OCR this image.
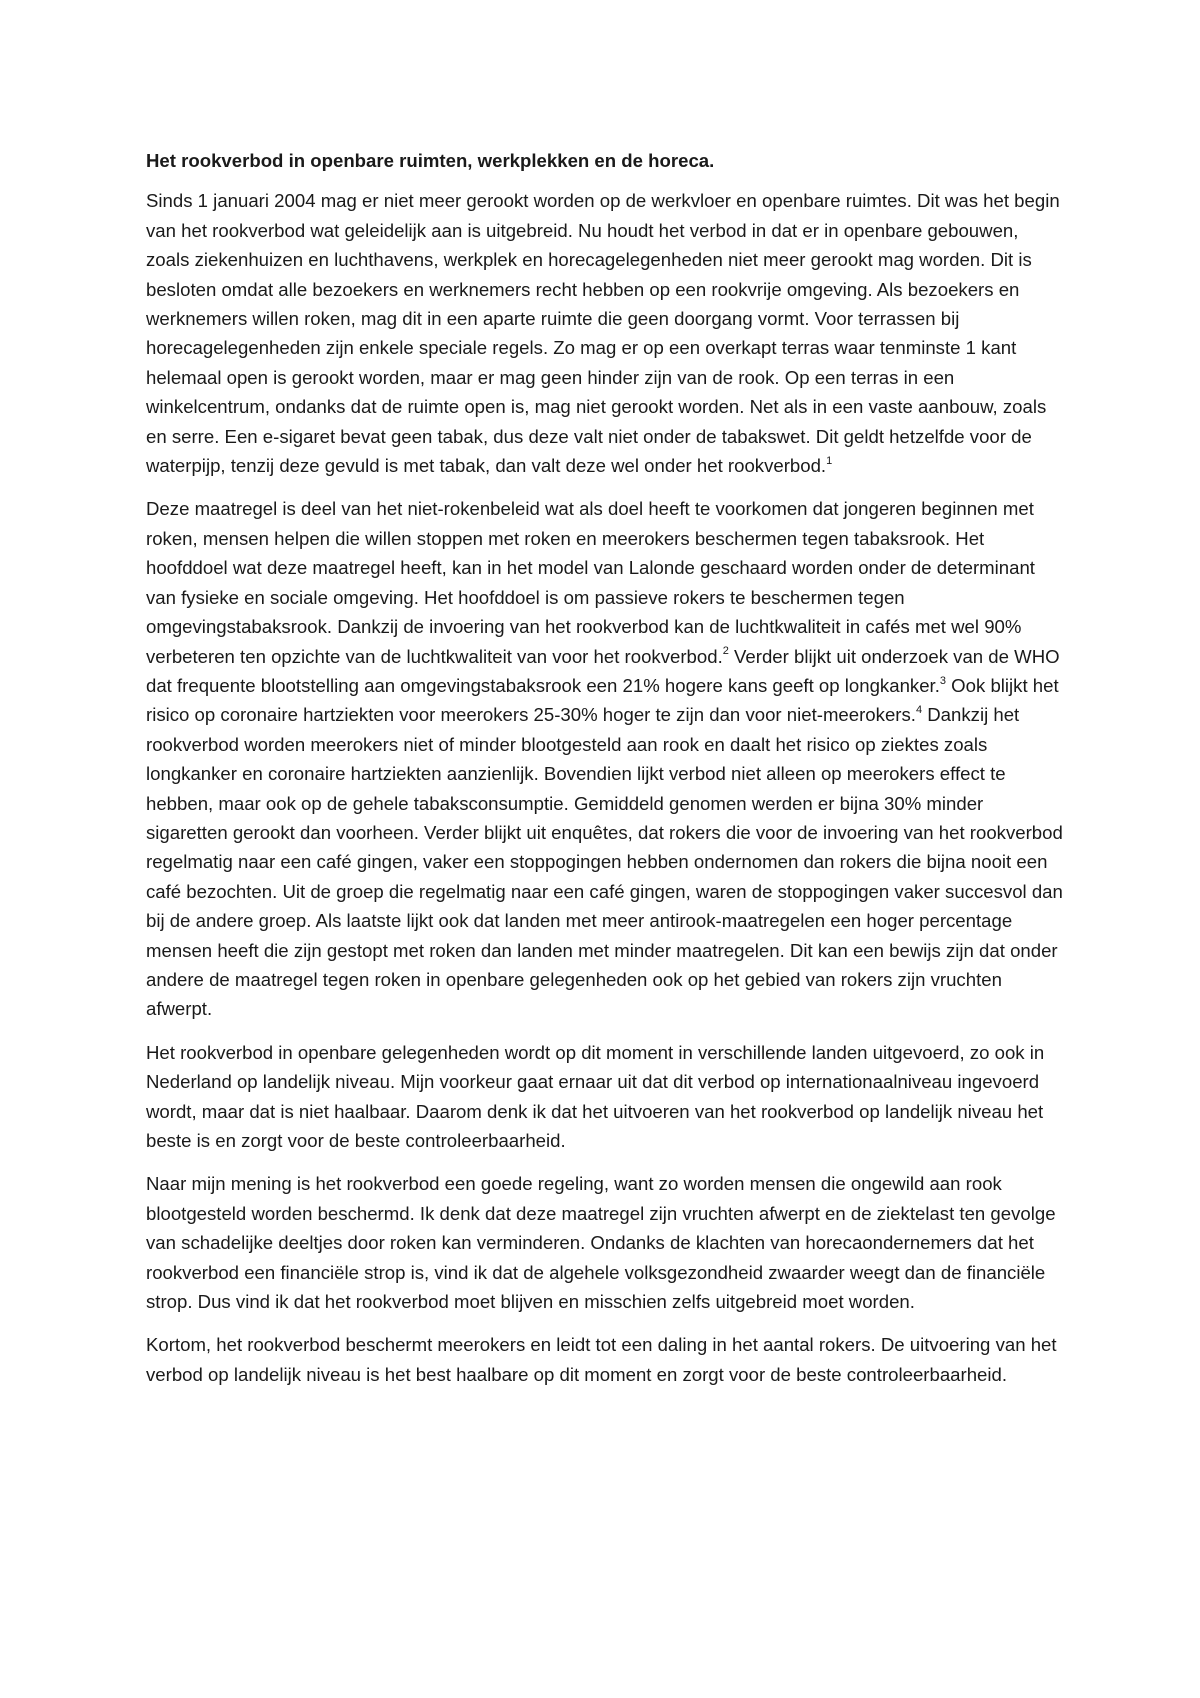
Het rookverbod in openbare ruimten, werkplekken en de horeca.

Sinds 1 januari 2004 mag er niet meer gerookt worden op de werkvloer en openbare ruimtes. Dit was het begin van het rookverbod wat geleidelijk aan is uitgebreid. Nu houdt het verbod in dat er in openbare gebouwen, zoals ziekenhuizen en luchthavens, werkplek en horecagelegenheden niet meer gerookt mag worden. Dit is besloten omdat alle bezoekers en werknemers recht hebben op een rookvrije omgeving. Als bezoekers en werknemers willen roken, mag dit in een aparte ruimte die geen doorgang vormt. Voor terrassen bij horecagelegenheden zijn enkele speciale regels. Zo mag er op een overkapt terras waar tenminste 1 kant helemaal open is gerookt worden, maar er mag geen hinder zijn van de rook. Op een terras in een winkelcentrum, ondanks dat de ruimte open is, mag niet gerookt worden. Net als in een vaste aanbouw, zoals en serre. Een e-sigaret bevat geen tabak, dus deze valt niet onder de tabakswet. Dit geldt hetzelfde voor de waterpijp, tenzij deze gevuld is met tabak, dan valt deze wel onder het rookverbod.$^1$

Deze maatregel is deel van het niet-rokenbeleid wat als doel heeft te voorkomen dat jongeren beginnen met roken, mensen helpen die willen stoppen met roken en meerokers beschermen tegen tabaksrook. Het hoofddoel wat deze maatregel heeft, kan in het model van Lalonde geschaard worden onder de determinant van fysieke en sociale omgeving. Het hoofddoel is om passieve rokers te beschermen tegen omgevingstabaksrook. Dankzij de invoering van het rookverbod kan de luchtkwaliteit in cafés met wel 90% verbeteren ten opzichte van de luchtkwaliteit van voor het rookverbod.$^2$ Verder blijkt uit onderzoek van de WHO dat frequente blootstelling aan omgevingstabaksrook een 21% hogere kans geeft op longkanker.$^3$ Ook blijkt het risico op coronaire hartziekten voor meerokers 25-30% hoger te zijn dan voor niet-meerokers.$^4$ Dankzij het rookverbod worden meerokers niet of minder blootgesteld aan rook en daalt het risico op ziektes zoals longkanker en coronaire hartziekten aanzienlijk. Bovendien lijkt verbod niet alleen op meerokers effect te hebben, maar ook op de gehele tabaksconsumptie. Gemiddeld genomen werden er bijna 30% minder sigaretten gerookt dan voorheen. Verder blijkt uit enquêtes, dat rokers die voor de invoering van het rookverbod regelmatig naar een café gingen, vaker een stoppogingen hebben ondernomen dan rokers die bijna nooit een café bezochten. Uit de groep die regelmatig naar een café gingen, waren de stoppogingen vaker succesvol dan bij de andere groep. Als laatste lijkt ook dat landen met meer antirook-maatregelen een hoger percentage mensen heeft die zijn gestopt met roken dan landen met minder maatregelen. Dit kan een bewijs zijn dat onder andere de maatregel tegen roken in openbare gelegenheden ook op het gebied van rokers zijn vruchten afwerpt.

Het rookverbod in openbare gelegenheden wordt op dit moment in verschillende landen uitgevoerd, zo ook in Nederland op landelijk niveau. Mijn voorkeur gaat ernaar uit dat dit verbod op internationaalniveau ingevoerd wordt, maar dat is niet haalbaar. Daarom denk ik dat het uitvoeren van het rookverbod op landelijk niveau het beste is en zorgt voor de beste controleerbaarheid.

Naar mijn mening is het rookverbod een goede regeling, want zo worden mensen die ongewild aan rook blootgesteld worden beschermd. Ik denk dat deze maatregel zijn vruchten afwerpt en de ziektelast ten gevolge van schadelijke deeltjes door roken kan verminderen. Ondanks de klachten van horecaondernemers dat het rookverbod een financiële strop is, vind ik dat de algehele volksgezondheid zwaarder weegt dan de financiële strop. Dus vind ik dat het rookverbod moet blijven en misschien zelfs uitgebreid moet worden.

Kortom, het rookverbod beschermt meerokers en leidt tot een daling in het aantal rokers. De uitvoering van het verbod op landelijk niveau is het best haalbare op dit moment en zorgt voor de beste controleerbaarheid.
